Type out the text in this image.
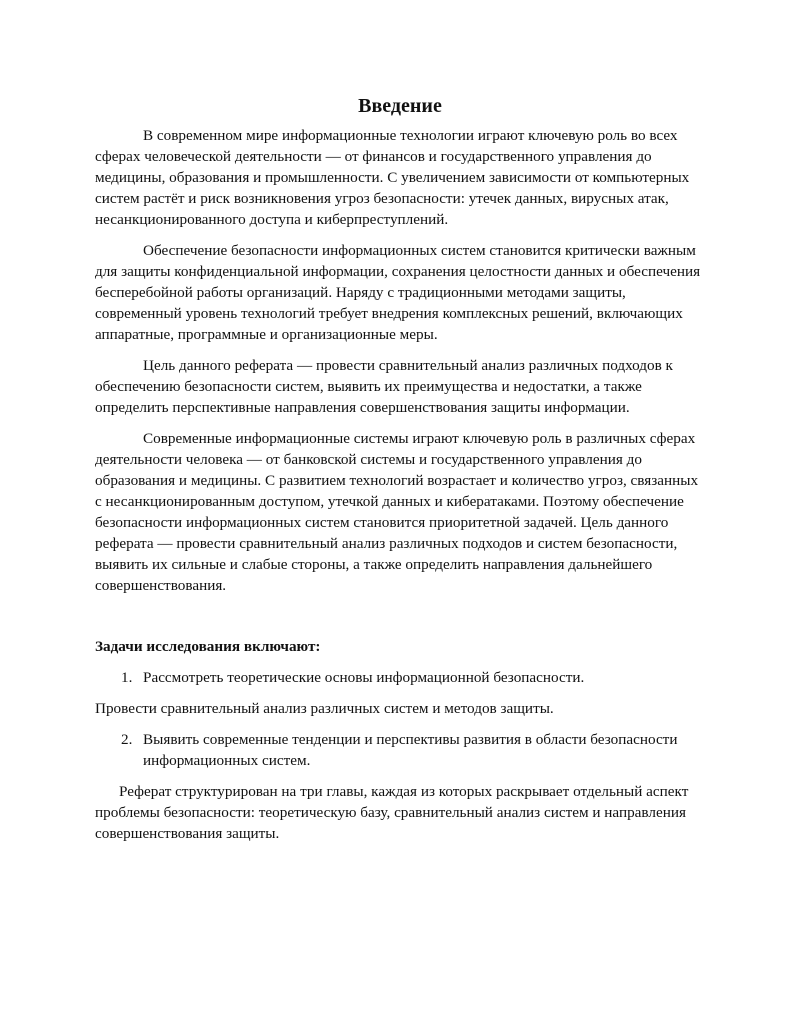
Введение

В современном мире информационные технологии играют ключевую роль во всех сферах человеческой деятельности — от финансов и государственного управления до медицины, образования и промышленности. С увеличением зависимости от компьютерных систем растёт и риск возникновения угроз безопасности: утечек данных, вирусных атак, несанкционированного доступа и киберпреступлений.

Обеспечение безопасности информационных систем становится критически важным для защиты конфиденциальной информации, сохранения целостности данных и обеспечения бесперебойной работы организаций. Наряду с традиционными методами защиты, современный уровень технологий требует внедрения комплексных решений, включающих аппаратные, программные и организационные меры.

Цель данного реферата — провести сравнительный анализ различных подходов к обеспечению безопасности систем, выявить их преимущества и недостатки, а также определить перспективные направления совершенствования защиты информации.

Современные информационные системы играют ключевую роль в различных сферах деятельности человека — от банковской системы и государственного управления до образования и медицины. С развитием технологий возрастает и количество угроз, связанных с несанкционированным доступом, утечкой данных и кибератаками. Поэтому обеспечение безопасности информационных систем становится приоритетной задачей. Цель данного реферата — провести сравнительный анализ различных подходов и систем безопасности, выявить их сильные и слабые стороны, а также определить направления дальнейшего совершенствования.

Задачи исследования включают:

1. Рассмотреть теоретические основы информационной безопасности.

Провести сравнительный анализ различных систем и методов защиты.

2. Выявить современные тенденции и перспективы развития в области безопасности информационных систем.

Реферат структурирован на три главы, каждая из которых раскрывает отдельный аспект проблемы безопасности: теоретическую базу, сравнительный анализ систем и направления совершенствования защиты.
